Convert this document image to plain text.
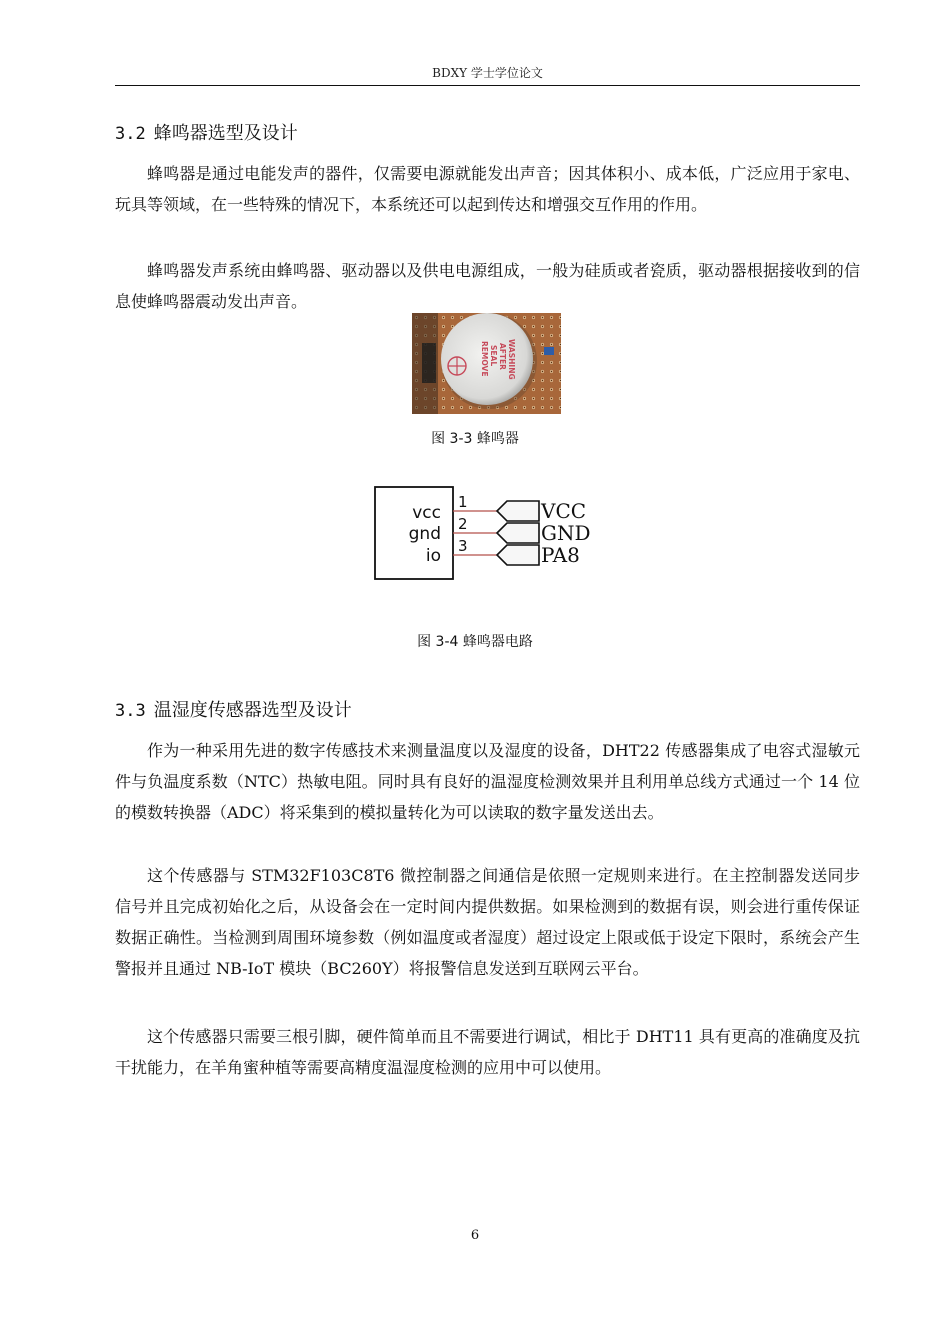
BDXY 学士学位论文
3.2 蜂鸣器选型及设计

蜂鸣器是通过电能发声的器件，仅需要电源就能发出声音；因其体积小、成本低，广泛应用于家电、玩具等领域，在一些特殊的情况下，本系统还可以起到传达和增强交互作用的作用。

蜂鸣器发声系统由蜂鸣器、驱动器以及供电电源组成，一般为硅质或者瓷质，驱动器根据接收到的信息使蜂鸣器震动发出声音。

REMOVE SEAL AFTER WASHING
图 3-3 蜂鸣器
vcc
gnd
io
1
2
3
VCC
GND
PA8
图 3-4 蜂鸣器电路
3.3 温湿度传感器选型及设计

作为一种采用先进的数字传感技术来测量温度以及湿度的设备，DHT22 传感器集成了电容式湿敏元件与负温度系数（NTC）热敏电阻。同时具有良好的温湿度检测效果并且利用单总线方式通过一个 14 位的模数转换器（ADC）将采集到的模拟量转化为可以读取的数字量发送出去。

这个传感器与 STM32F103C8T6 微控制器之间通信是依照一定规则来进行。在主控制器发送同步信号并且完成初始化之后，从设备会在一定时间内提供数据。如果检测到的数据有误，则会进行重传保证数据正确性。当检测到周围环境参数（例如温度或者湿度）超过设定上限或低于设定下限时，系统会产生警报并且通过 NB-IoT 模块（BC260Y）将报警信息发送到互联网云平台。

这个传感器只需要三根引脚，硬件简单而且不需要进行调试，相比于 DHT11 具有更高的准确度及抗干扰能力，在羊角蜜种植等需要高精度温湿度检测的应用中可以使用。

6
